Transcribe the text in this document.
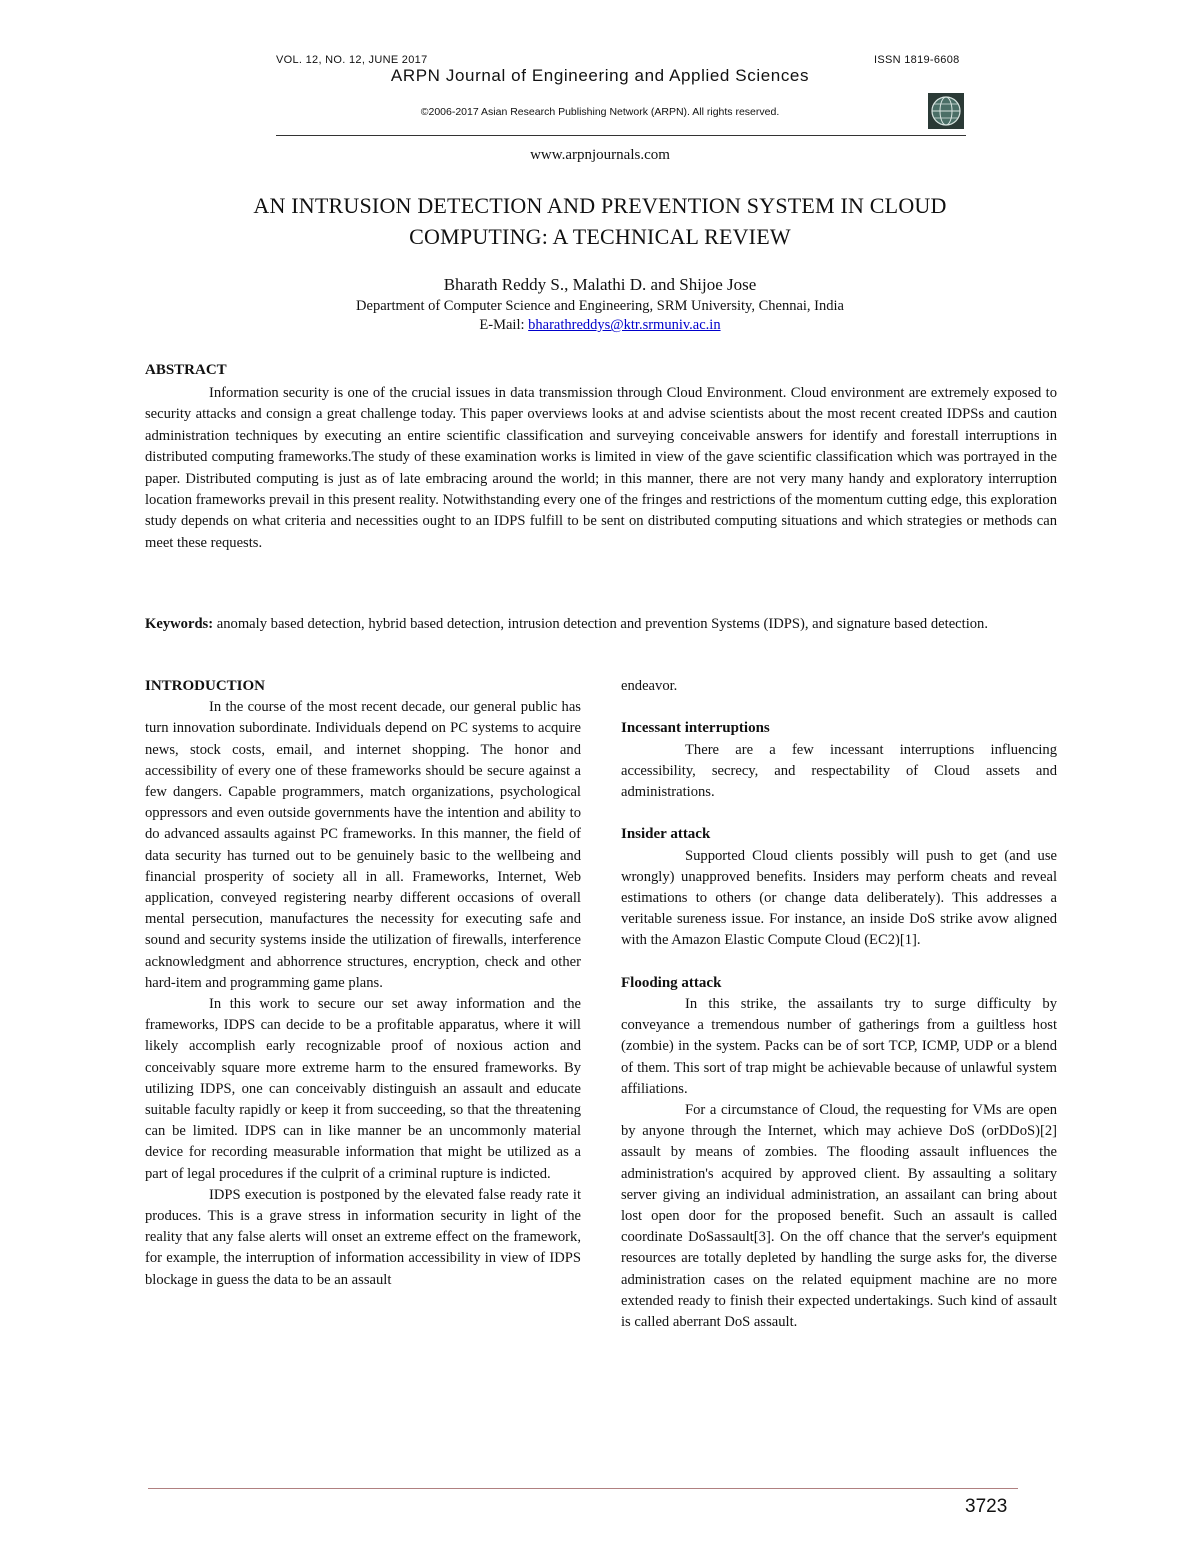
VOL. 12, NO. 12, JUNE 2017	ISSN 1819-6608
ARPN Journal of Engineering and Applied Sciences
©2006-2017 Asian Research Publishing Network (ARPN). All rights reserved.
www.arpnjournals.com
AN INTRUSION DETECTION AND PREVENTION SYSTEM IN CLOUD
COMPUTING: A TECHNICAL REVIEW
Bharath Reddy S., Malathi D. and Shijoe Jose
Department of Computer Science and Engineering, SRM University, Chennai, India
E-Mail: bharathreddys@ktr.srmuniv.ac.in
ABSTRACT

Information security is one of the crucial issues in data transmission through Cloud Environment. Cloud environment are extremely exposed to security attacks and consign a great challenge today. This paper overviews looks at and advise scientists about the most recent created IDPSs and caution administration techniques by executing an entire scientific classification and surveying conceivable answers for identify and forestall interruptions in distributed computing frameworks.The study of these examination works is limited in view of the gave scientific classification which was portrayed in the paper. Distributed computing is just as of late embracing around the world; in this manner, there are not very many handy and exploratory interruption location frameworks prevail in this present reality. Notwithstanding every one of the fringes and restrictions of the momentum cutting edge, this exploration study depends on what criteria and necessities ought to an IDPS fulfill to be sent on distributed computing situations and which strategies or methods can meet these requests.

Keywords: anomaly based detection, hybrid based detection, intrusion detection and prevention Systems (IDPS), and signature based detection.

INTRODUCTION

In the course of the most recent decade, our general public has turn innovation subordinate. Individuals depend on PC systems to acquire news, stock costs, email, and internet shopping. The honor and accessibility of every one of these frameworks should be secure against a few dangers. Capable programmers, match organizations, psychological oppressors and even outside governments have the intention and ability to do advanced assaults against PC frameworks. In this manner, the field of data security has turned out to be genuinely basic to the wellbeing and financial prosperity of society all in all. Frameworks, Internet, Web application, conveyed registering nearby different occasions of overall mental persecution, manufactures the necessity for executing safe and sound and security systems inside the utilization of firewalls, interference acknowledgment and abhorrence structures, encryption, check and other hard-item and programming game plans.

In this work to secure our set away information and the frameworks, IDPS can decide to be a profitable apparatus, where it will likely accomplish early recognizable proof of noxious action and conceivably square more extreme harm to the ensured frameworks. By utilizing IDPS, one can conceivably distinguish an assault and educate suitable faculty rapidly or keep it from succeeding, so that the threatening can be limited. IDPS can in like manner be an uncommonly material device for recording measurable information that might be utilized as a part of legal procedures if the culprit of a criminal rupture is indicted.

IDPS execution is postponed by the elevated false ready rate it produces. This is a grave stress in information security in light of the reality that any false alerts will onset an extreme effect on the framework, for example, the interruption of information accessibility in view of IDPS blockage in guess the data to be an assault

endeavor.

Incessant interruptions

There are a few incessant interruptions influencing accessibility, secrecy, and respectability of Cloud assets and administrations.

Insider attack

Supported Cloud clients possibly will push to get (and use wrongly) unapproved benefits. Insiders may perform cheats and reveal estimations to others (or change data deliberately). This addresses a veritable sureness issue. For instance, an inside DoS strike avow aligned with the Amazon Elastic Compute Cloud (EC2)[1].

Flooding attack

In this strike, the assailants try to surge difficulty by conveyance a tremendous number of gatherings from a guiltless host (zombie) in the system. Packs can be of sort TCP, ICMP, UDP or a blend of them. This sort of trap might be achievable because of unlawful system affiliations.

For a circumstance of Cloud, the requesting for VMs are open by anyone through the Internet, which may achieve DoS (orDDoS)[2] assault by means of zombies. The flooding assault influences the administration's acquired by approved client. By assaulting a solitary server giving an individual administration, an assailant can bring about lost open door for the proposed benefit. Such an assault is called coordinate DoSassault[3]. On the off chance that the server's equipment resources are totally depleted by handling the surge asks for, the diverse administration cases on the related equipment machine are no more extended ready to finish their expected undertakings. Such kind of assault is called aberrant DoS assault.

3723
